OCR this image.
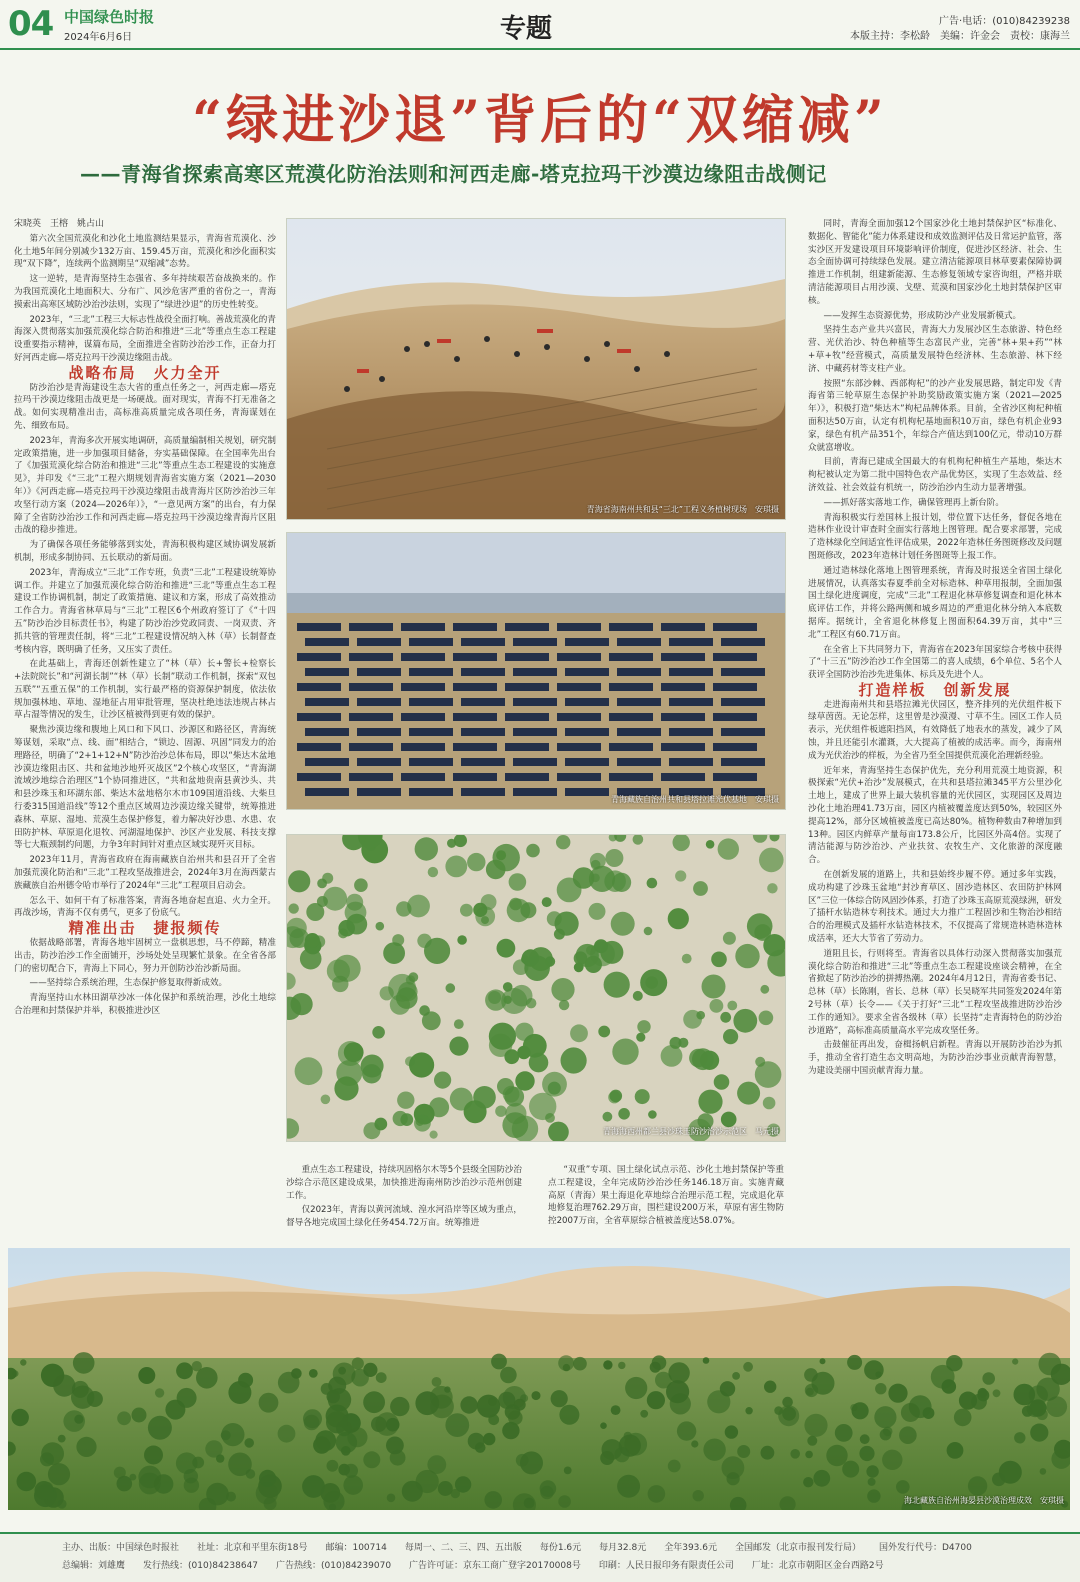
04 中国绿色时报
2024年6月6日	专题	广告·电话：(010)84239238
本版主持：李松龄　美编：许金会　责校：康海兰
“绿进沙退”背后的“双缩减”
——青海省探索高寒区荒漠化防治法则和河西走廊-塔克拉玛干沙漠边缘阻击战侧记

宋晓英　王榕　姚占山

第六次全国荒漠化和沙化土地监测结果显示，青海省荒漠化、沙化土地5年间分别减少132万亩、159.45万亩，荒漠化和沙化面积实现“双下降”，连续两个监测期呈“双缩减”态势。

这一逆转，是青海坚持生态强省、多年持续艰苦奋战换来的。作为我国荒漠化土地面积大、分布广、风沙危害严重的省份之一，青海摸索出高寒区域防沙治沙法则，实现了“绿进沙退”的历史性转变。

2023年，“三北”工程三大标志性战役全面打响。善战荒漠化的青海深入贯彻落实加强荒漠化综合防治和推进“三北”等重点生态工程建设重要指示精神，谋篇布局，全面推进全省防沙治沙工作，正奋力打好河西走廊—塔克拉玛干沙漠边缘阻击战。

战略布局　火力全开

防沙治沙是青海建设生态大省的重点任务之一，河西走廊—塔克拉玛干沙漠边缘阻击战更是一场硬战。面对现实，青海不打无准备之战。如何实现精准出击，高标准高质量完成各项任务，青海谋划在先、细致布局。

2023年，青海多次开展实地调研，高质量编制相关规划，研究制定政策措施，进一步加强项目储备，夯实基础保障。在全国率先出台了《加强荒漠化综合防治和推进“三北”等重点生态工程建设的实施意见》，并印发《“三北”工程六期规划青海省实施方案（2021—2030年）》《河西走廊—塔克拉玛干沙漠边缘阻击战青海片区防沙治沙三年攻坚行动方案（2024—2026年）》，“一意见两方案”的出台，有力保障了全省防沙治沙工作和河西走廊—塔克拉玛干沙漠边缘青海片区阻击战的稳步推进。

为了确保各项任务能够落到实处，青海积极构建区域协调发展新机制，形成多制协同、五长联动的新局面。

2023年，青海成立“三北”工作专班，负责“三北”工程建设统筹协调工作。并建立了加强荒漠化综合防治和推进“三北”等重点生态工程建设工作协调机制，制定了政策措施、建议和方案，形成了高效推动工作合力。青海省林草局与“三北”工程区6个州政府签订了《“十四五”防沙治沙目标责任书》，构建了防沙治沙党政同责、一岗双责、齐抓共管的管理责任制，将“三北”工程建设情况纳入林（草）长制督查考核内容，既明确了任务，又压实了责任。

在此基础上，青海还创新性建立了“林（草）长+警长+检察长+法院院长”和“河湖长制”“林（草）长制”联动工作机制，探索“双包五联”“五重五保”的工作机制，实行最严格的资源保护制度，依法依规加强林地、草地、湿地征占用审批管理，坚决杜绝违法违规占林占草占湿等情况的发生，让沙区植被得到更有效的保护。

聚焦沙漠边缘和腹地上风口和下风口、沙源区和路径区，青海统筹谋划，采取“点、线、面”相结合，“锁边、固源、巩固”同发力的治理路径，明确了“2+1+12+N”防沙治沙总体布局，即以“柴达木盆地沙漠边缘阻击区、共和盆地沙地歼灭战区”2个核心攻坚区，“青海湖流域沙地综合治理区”1个协同推进区，“共和盆地贵南县黄沙头、共和县沙珠玉和环湖东部、柴达木盆地格尔木市109国道沿线、大柴旦行委315国道沿线”等12个重点区域周边沙漠边缘关键带，统筹推进森林、草原、湿地、荒漠生态保护修复，着力解决好沙患、水患、农田防护林、草原退化退牧、河湖湿地保护、沙区产业发展、科技支撑等七大瓶颈制约问题，力争3年时间针对重点区域实现歼灭目标。

2023年11月，青海省政府在海南藏族自治州共和县召开了全省加强荒漠化防治和“三北”工程攻坚战推进会，2024年3月在海西蒙古族藏族自治州德令哈市举行了2024年“三北”工程项目启动会。

怎么干、如何干有了标准答案，青海各地奋起直追、火力全开。再战沙场，青海不仅有勇气，更多了份底气。

精准出击　捷报频传

依据战略部署，青海各地牢固树立一盘棋思想，马不停蹄，精准出击，防沙治沙工作全面铺开，沙场处处呈现繁忙景象。在全省各部门的密切配合下，青海上下同心，努力开创防沙治沙新局面。

——坚持综合系统治理，生态保护修复取得新成效。

青海坚持山水林田湖草沙冰一体化保护和系统治理，沙化土地综合治理和封禁保护并举，积极推进沙区

青海省海南州共和县“三北”工程义务植树现场　安琪摄
青海藏族自治州共和县塔拉滩光伏基地　安琪摄
青海海西州都兰县沙珠玉防沙治沙示范区　马元摄

重点生态工程建设，持续巩固格尔木等5个县级全国防沙治沙综合示范区建设成果，加快推进海南州防沙治沙示范州创建工作。

仅2023年，青海以黄河流域、湟水河沿岸等区域为重点，督导各地完成国土绿化任务454.72万亩。统筹推进

“双重”专项、国土绿化试点示范、沙化土地封禁保护等重点工程建设，全年完成防沙治沙任务146.18万亩。实施青藏高原（青海）果土海退化草地综合治理示范工程，完成退化草地修复治理762.29万亩，围栏建设200万米，草原有害生物防控2007万亩，全省草原综合植被盖度达58.07%。

同时，青海全面加强12个国家沙化土地封禁保护区“标准化、数据化、智能化”能力体系建设和成效监测评估及日常运护监管，落实沙区开发建设项目环境影响评价制度，促进沙区经济、社会、生态全面协调可持续绿色发展。建立清洁能源项目林草要素保障协调推进工作机制，组建新能源、生态修复领域专家咨询组，严格并联清洁能源项目占用沙漠、戈壁、荒漠和国家沙化土地封禁保护区审核。

——发挥生态资源优势，形成防沙产业发展新模式。

坚持生态产业共兴富民，青海大力发展沙区生态旅游、特色经营、光伏治沙、特色种植等生态富民产业，完善“林+果+药”“林+草+牧”经营模式，高质量发展特色经济林、生态旅游、林下经济、中藏药材等支柱产业。

按照“东部沙棘、西部枸杞”的沙产业发展思路，制定印发《青海省第三轮草原生态保护补助奖励政策实施方案（2021—2025年）》，积极打造“柴达木”枸杞品牌体系。目前，全省沙区枸杞种植面积达50万亩，认定有机枸杞基地面积10万亩，绿色有机企业93家，绿色有机产品351个，年综合产值达到100亿元，带动10万群众就富增收。

目前，青海已建成全国最大的有机枸杞种植生产基地，柴达木枸杞被认定为第二批中国特色农产品优势区，实现了生态效益、经济效益、社会效益有机统一，防沙治沙内生动力显著增强。

——抓好落实落地工作，确保管理再上新台阶。

青海积极实行差国林上报计划，带位置下达任务，督促各地在造林作业设计审查时全面实行落地上图管理。配合要求部署，完成了造林绿化空间适宜性评估成果，2022年造林任务图斑修改及问题图斑修改，2023年造林计划任务图斑等上报工作。

通过造林绿化落地上图管理系统，青海及时报送全省国土绿化进展情况，认真落实春夏季前全对标造林、种草用报制，全面加强国土绿化进度调度，完成“三北”工程退化林草修复调查和退化林本底评估工作，并将公路两侧和城乡周边的严重退化林分纳入本底数据库。据统计，全省退化林修复上图面积64.39万亩，其中“三北”工程区有60.71万亩。

在全省上下共同努力下，青海省在2023年国家综合考核中获得了“十三五”防沙治沙工作全国第二的喜人成绩，6个单位、5名个人获评全国防沙治沙先进集体、标兵及先进个人。

打造样板　创新发展

走进海南州共和县塔拉滩光伏园区，整齐排列的光伏组件板下绿草茵茵。无论怎样，这里曾是沙漠漫、寸草不生。园区工作人员表示，光伏组件板遮阳挡风，有效降低了地表水的蒸发，减少了风蚀，并且还能引水灌溉，大大提高了植被的成活率。而今，海南州成为光伏治沙的样板，为全省乃至全国提供荒漠化治理新经验。

近年来，青海坚持生态保护优先，充分利用荒漠土地资源，积极探索“光伏+治沙”发展模式，在共和县塔拉滩345平方公里沙化土地上，建成了世界上最大装机容量的光伏园区，实现园区及周边沙化土地治理41.73万亩，园区内植被覆盖度达到50%，较园区外提高12%，部分区域植被盖度已高达80%。植物种数由7种增加到13种。园区内鲜草产量每亩173.8公斤，比园区外高4倍。实现了清洁能源与防沙治沙、产业扶贫、农牧生产、文化旅游的深度融合。

在创新发展的道路上，共和县始终步履不停。通过多年实践，成功构建了沙珠玉盆地“封沙育草区、固沙造林区、农田防护林网区”三位一体综合防风固沙体系，打造了沙珠玉高原荒漠绿洲，研发了插杆水钻造林专利技术。通过大力推广工程固沙和生物治沙相结合的治理模式及插杆水钻造林技术，不仅提高了常规造林造林造林成活率，还大大节省了劳动力。

道阻且长，行则将至。青海省以具体行动深入贯彻落实加强荒漠化综合防治和推进“三北”等重点生态工程建设座谈会精神，在全省掀起了防沙治沙的拼搏热潮。2024年4月12日，青海省委书记、总林（草）长陈刚，省长、总林（草）长吴晓军共同签发2024年第2号林（草）长令——《关于打好“三北”工程攻坚战推进防沙治沙工作的通知》。要求全省各级林（草）长坚持“走青海特色的防沙治沙道路”，高标准高质量高水平完成攻坚任务。

击鼓催征再出发，奋楫扬帆启新程。青海以开展防沙治沙为抓手，推动全省打造生态文明高地，为防沙治沙事业贡献青海智慧，为建设美丽中国贡献青海力量。

海北藏族自治州海晏县沙漠治理成效　安琪摄
主办、出版：中国绿色时报社 社址：北京和平里东街18号 邮编：100714 每周一、二、三、四、五出版 每份1.6元 每月32.8元 全年393.6元 全国邮发（北京市报刊发行局） 国外发行代号：D4700
总编辑：刘雄鹰 发行热线：(010)84238647 广告热线：(010)84239070 广告许可证：京东工商广登字20170008号 印刷：人民日报印务有限责任公司 厂址：北京市朝阳区金台西路2号
